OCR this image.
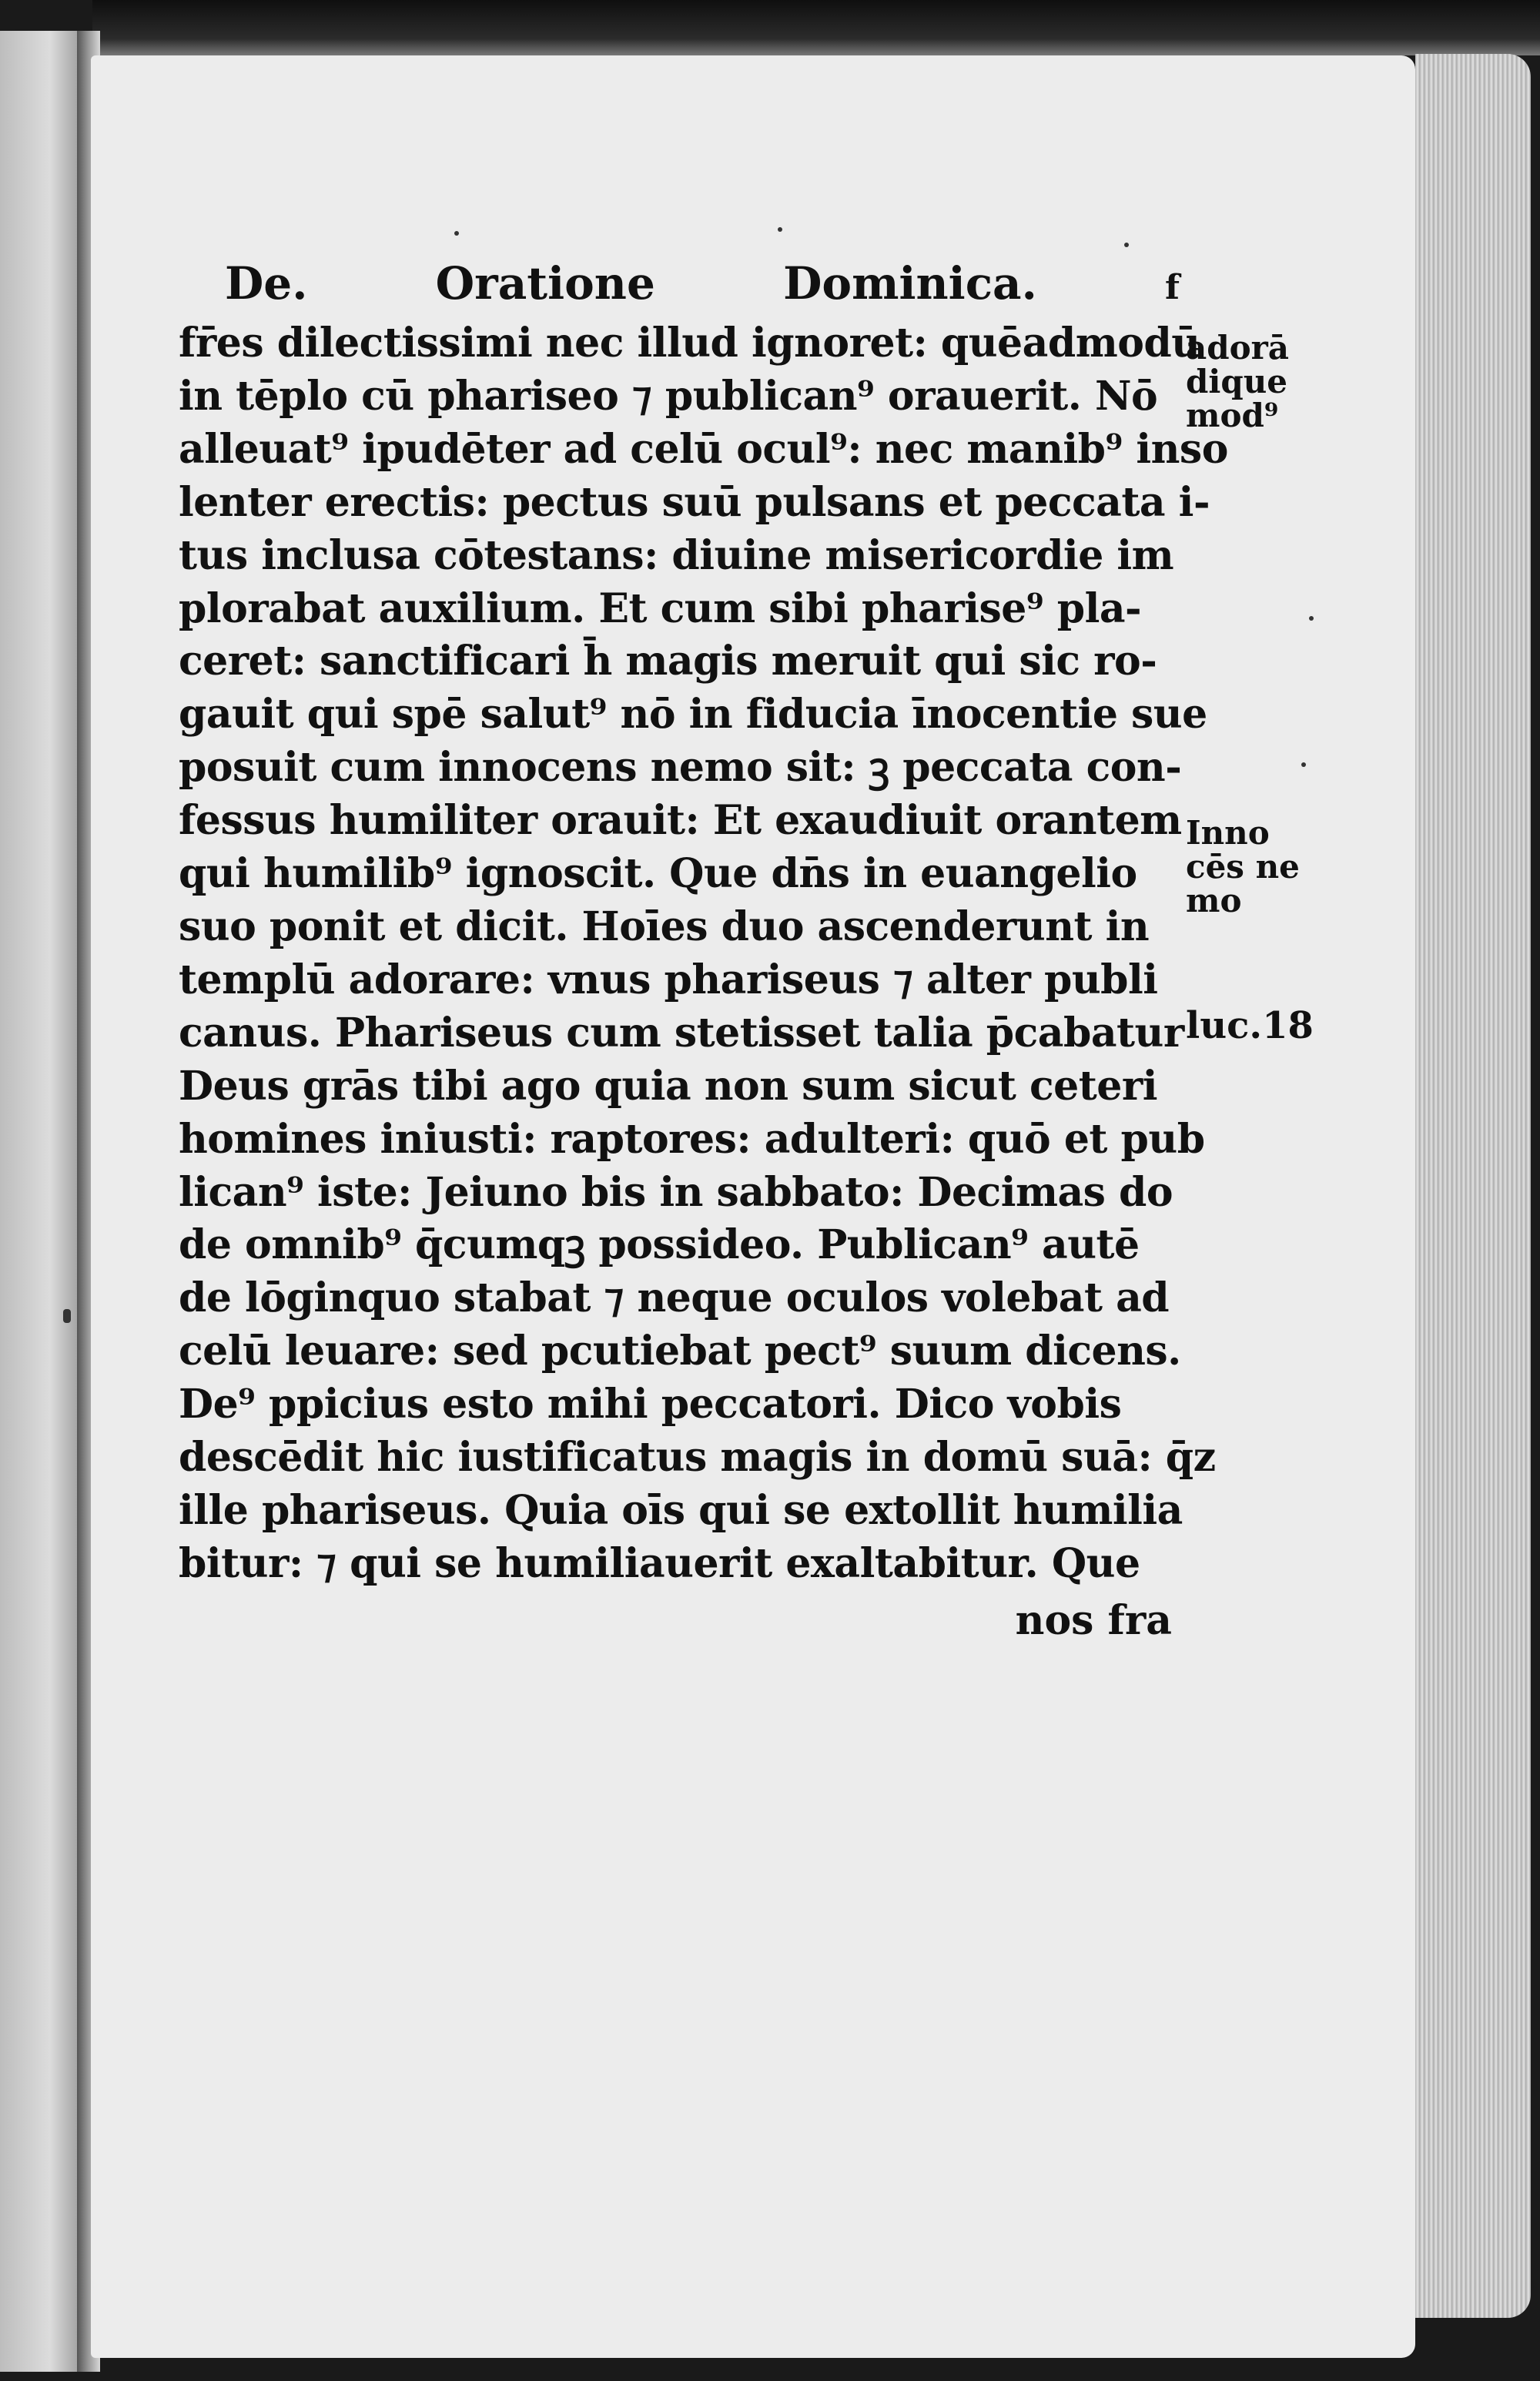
De.	Oratione	Dominica.	f
fr̄es dilectissimi nec illud ignoret: quēadmodū
in tēplo cū phariseo ⁊ publican⁹ orauerit. Nō
alleuat⁹ ipudēter ad celū ocul⁹: nec manib⁹ inso
lenter erectis: pectus suū pulsans et peccata i-
tus inclusa cōtestans: diuine misericordie im
plorabat auxilium. Et cum sibi pharise⁹ pla-
ceret: sanctificari h̄ magis meruit qui sic ro-
gauit qui spē salut⁹ nō in fiducia īnocentie sue
posuit cum innocens nemo sit: ꝫ peccata con-
fessus humiliter orauit: Et exaudiuit orantem
qui humilib⁹ ignoscit. Que dn̄s in euangelio
suo ponit et dicit. Hoīes duo ascenderunt in
templū adorare: vnus phariseus ⁊ alter publi
canus. Phariseus cum stetisset talia p̄cabatur
Deus grās tibi ago quia non sum sicut ceteri
homines iniusti: raptores: adulteri: quō et pub
lican⁹ iste: Jeiuno bis in sabbato: Decimas do
de omnib⁹ q̄cumqꝫ possideo. Publican⁹ autē
de lōginquo stabat ⁊ neque oculos volebat ad
celū leuare: sed pcutiebat pect⁹ suum dicens.
De⁹ ppicius esto mihi peccatori. Dico vobis
descēdit hic iustificatus magis in domū suā: q̄z
ille phariseus. Quia oīs qui se extollit humilia
bitur: ⁊ qui se humiliauerit exaltabitur. Que
nos fra
adorā
dique
mod⁹
Inno
cēs ne
mo
luc.18
